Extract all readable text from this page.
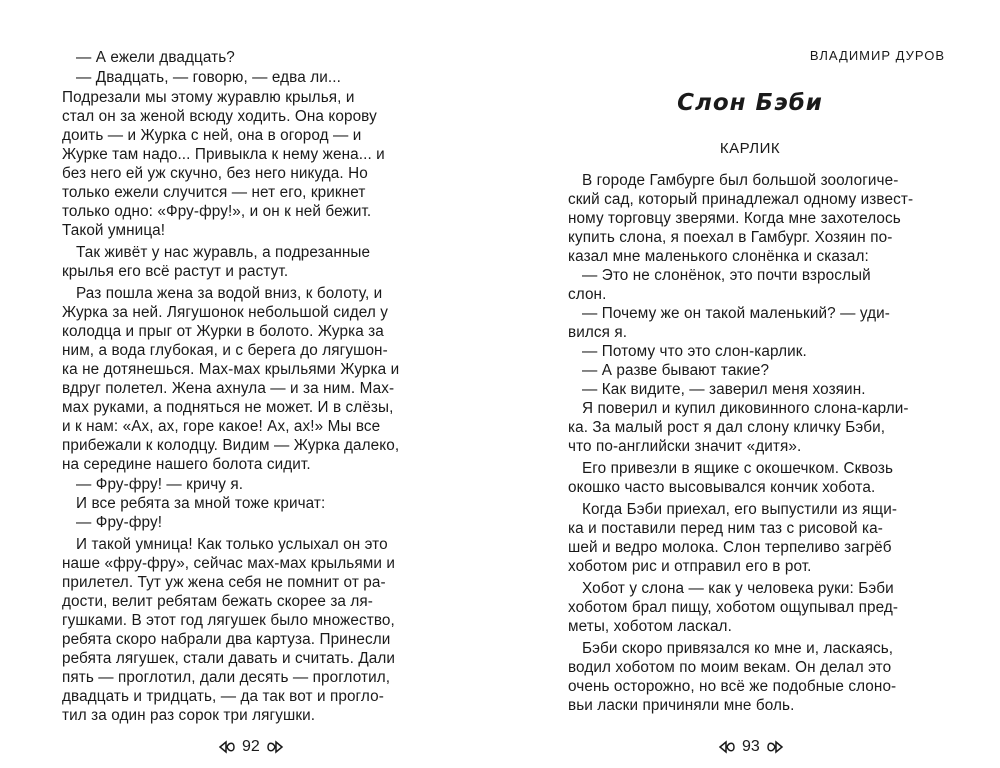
— А ежели двадцать?
— Двадцать, — говорю, — едва ли...
Подрезали мы этому журавлю крылья, и
стал он за женой всюду ходить. Она корову
доить — и Журка с ней, она в огород — и
Журке там надо... Привыкла к нему жена... и
без него ей уж скучно, без него никуда. Но
только ежели случится — нет его, крикнет
только одно: «Фру-фру!», и он к ней бежит.
Такой умница!
Так живёт у нас журавль, а подрезанные
крылья его всё растут и растут.
Раз пошла жена за водой вниз, к болоту, и
Журка за ней. Лягушонок небольшой сидел у
колодца и прыг от Журки в болото. Журка за
ним, а вода глубокая, и с берега до лягушон-
ка не дотянешься. Мах-мах крыльями Журка и
вдруг полетел. Жена ахнула — и за ним. Мах-
мах руками, а подняться не может. И в слёзы,
и к нам: «Ах, ах, горе какое! Ах, ах!» Мы все
прибежали к колодцу. Видим — Журка далеко,
на середине нашего болота сидит.
— Фру-фру! — кричу я.
И все ребята за мной тоже кричат:
— Фру-фру!
И такой умница! Как только услыхал он это
наше «фру-фру», сейчас мах-мах крыльями и
прилетел. Тут уж жена себя не помнит от ра-
дости, велит ребятам бежать скорее за ля-
гушками. В этот год лягушек было множество,
ребята скоро набрали два картуза. Принесли
ребята лягушек, стали давать и считать. Дали
пять — проглотил, дали десять — проглотил,
двадцать и тридцать, — да так вот и прогло-
тил за один раз сорок три лягушки.
92
ВЛАДИМИР ДУРОВ
Слон Бэби
КАРЛИК
В городе Гамбурге был большой зоологиче-
ский сад, который принадлежал одному извест-
ному торговцу зверями. Когда мне захотелось
купить слона, я поехал в Гамбург. Хозяин по-
казал мне маленького слонёнка и сказал:
— Это не слонёнок, это почти взрослый
слон.
— Почему же он такой маленький? — уди-
вился я.
— Потому что это слон-карлик.
— А разве бывают такие?
— Как видите, — заверил меня хозяин.
Я поверил и купил диковинного слона-карли-
ка. За малый рост я дал слону кличку Бэби,
что по-английски значит «дитя».
Его привезли в ящике с окошечком. Сквозь
окошко часто высовывался кончик хобота.
Когда Бэби приехал, его выпустили из ящи-
ка и поставили перед ним таз с рисовой ка-
шей и ведро молока. Слон терпеливо загрёб
хоботом рис и отправил его в рот.
Хобот у слона — как у человека руки: Бэби
хоботом брал пищу, хоботом ощупывал пред-
меты, хоботом ласкал.
Бэби скоро привязался ко мне и, ласкаясь,
водил хоботом по моим векам. Он делал это
очень осторожно, но всё же подобные слоно-
вьи ласки причиняли мне боль.
93
